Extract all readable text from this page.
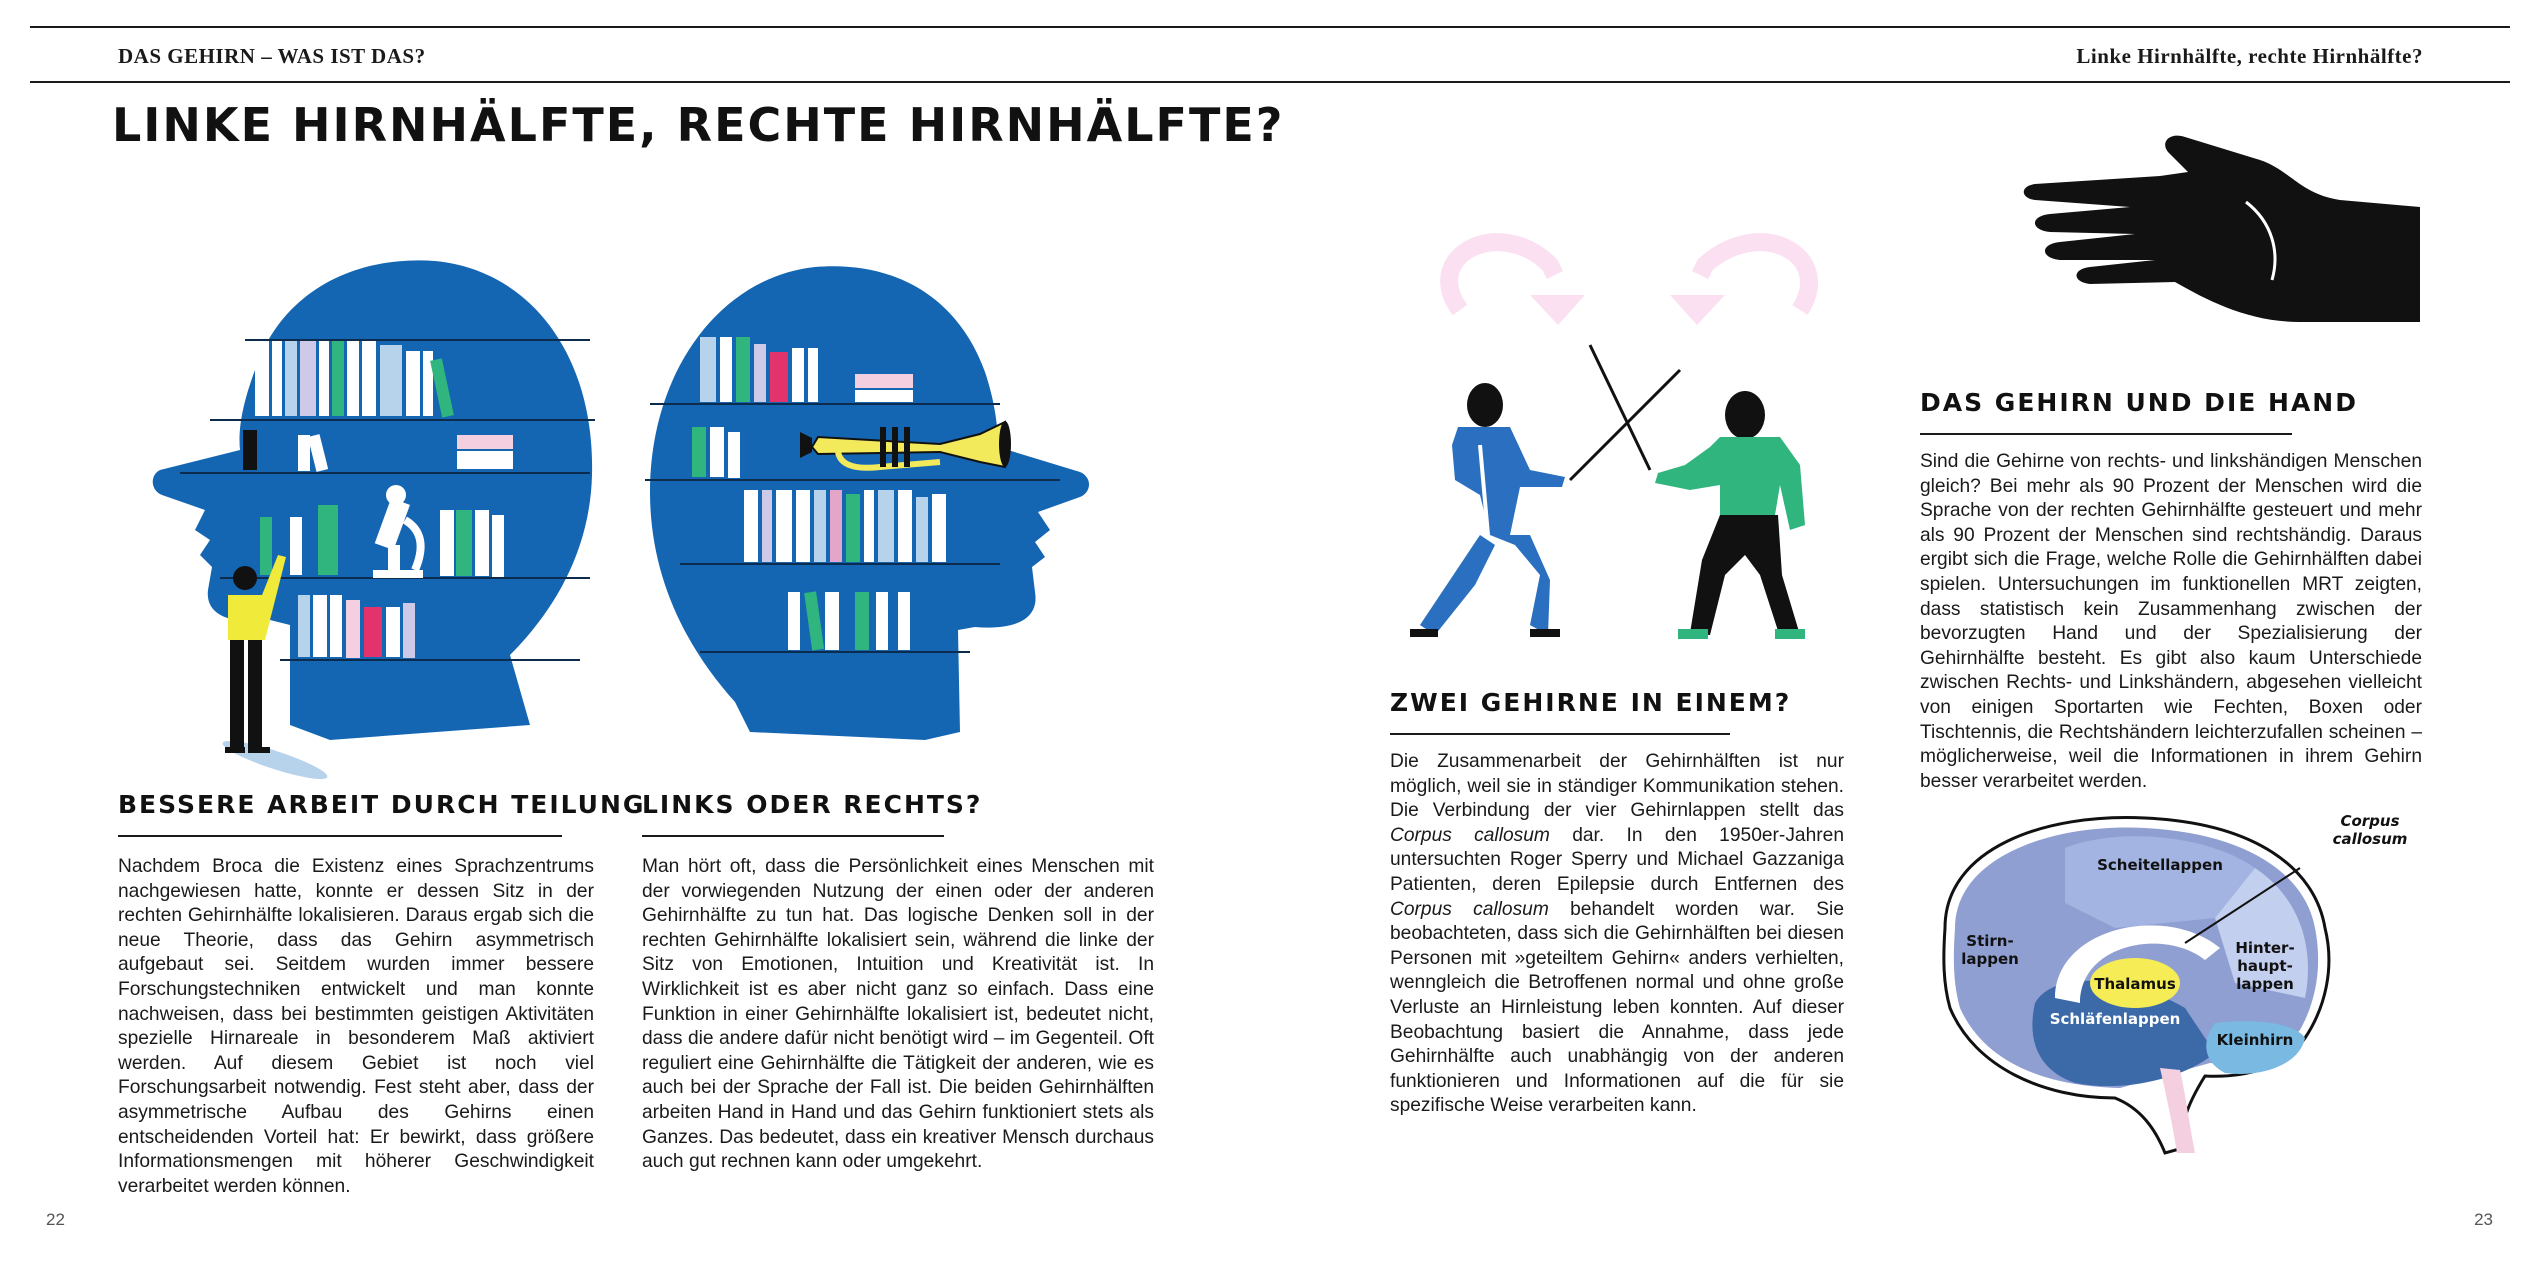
DAS GEHIRN – WAS IST DAS?	Linke Hirnhälfte, rechte Hirnhälfte?
LINKE HIRNHÄLFTE, RECHTE HIRNHÄLFTE?
BESSERE ARBEIT DURCH TEILUNG

Nachdem Broca die Existenz eines Sprachzentrums nachgewiesen hatte, konnte er dessen Sitz in der rechten Gehirnhälfte lokalisieren. Daraus ergab sich die neue Theorie, dass das Gehirn asymmetrisch aufgebaut sei. Seitdem wurden immer bessere Forschungstechniken entwickelt und man konnte nachweisen, dass bei bestimmten geistigen Aktivitäten spezielle Hirnareale in besonderem Maß aktiviert werden. Auf diesem Gebiet ist noch viel Forschungsarbeit notwendig. Fest steht aber, dass der asymmetrische Aufbau des Gehirns einen entscheidenden Vorteil hat: Er bewirkt, dass größere Informationsmengen mit höherer Geschwindigkeit verarbeitet werden können.

LINKS ODER RECHTS?

Man hört oft, dass die Persönlichkeit eines Menschen mit der vorwiegenden Nutzung der einen oder der anderen Gehirnhälfte zu tun hat. Das logische Denken soll in der rechten Gehirnhälfte lokalisiert sein, während die linke der Sitz von Emotionen, Intuition und Kreativität ist. In Wirklichkeit ist es aber nicht ganz so einfach. Dass eine Funktion in einer Gehirnhälfte lokalisiert ist, bedeutet nicht, dass die andere dafür nicht benötigt wird – im Gegenteil. Oft reguliert eine Gehirnhälfte die Tätigkeit der anderen, wie es auch bei der Sprache der Fall ist. Die beiden Gehirnhälften arbeiten Hand in Hand und das Gehirn funktioniert stets als Ganzes. Das bedeutet, dass ein kreativer Mensch durchaus auch gut rechnen kann oder umgekehrt.

ZWEI GEHIRNE IN EINEM?

Die Zusammenarbeit der Gehirnhälften ist nur möglich, weil sie in ständiger Kommunikation stehen. Die Verbindung der vier Gehirnlappen stellt das Corpus callosum dar. In den 1950er-Jahren untersuchten Roger Sperry und Michael Gazzaniga Patienten, deren Epilepsie durch Entfernen des Corpus callosum behandelt worden war. Sie beobachteten, dass sich die Gehirnhälften bei diesen Personen mit »geteiltem Gehirn« anders verhielten, wenngleich die Betroffenen normal und ohne große Verluste an Hirnleistung leben konnten. Auf dieser Beobachtung basiert die Annahme, dass jede Gehirnhälfte auch unabhängig von der anderen funktionieren und Informationen auf die für sie spezifische Weise verarbeiten kann.

DAS GEHIRN UND DIE HAND

Sind die Gehirne von rechts- und linkshändigen Menschen gleich? Bei mehr als 90 Prozent der Menschen wird die Sprache von der rechten Gehirnhälfte gesteuert und mehr als 90 Prozent der Menschen sind rechtshändig. Daraus ergibt sich die Frage, welche Rolle die Gehirnhälften dabei spielen. Untersuchungen im funktionellen MRT zeigten, dass statistisch kein Zusammenhang zwischen der bevorzugten Hand und der Spezialisierung der Gehirnhälfte besteht. Es gibt also kaum Unterschiede zwischen Rechts- und Linkshändern, abgesehen vielleicht von einigen Sportarten wie Fechten, Boxen oder Tischtennis, die Rechtshändern leichterzufallen scheinen – möglicherweise, weil die Informationen in ihrem Gehirn besser verarbeitet werden.

Corpus
callosum
Scheitellappen
Stirn-
lappen
Thalamus
Hinter-
haupt-
lappen
Schläfenlappen
Kleinhirn
22	23
